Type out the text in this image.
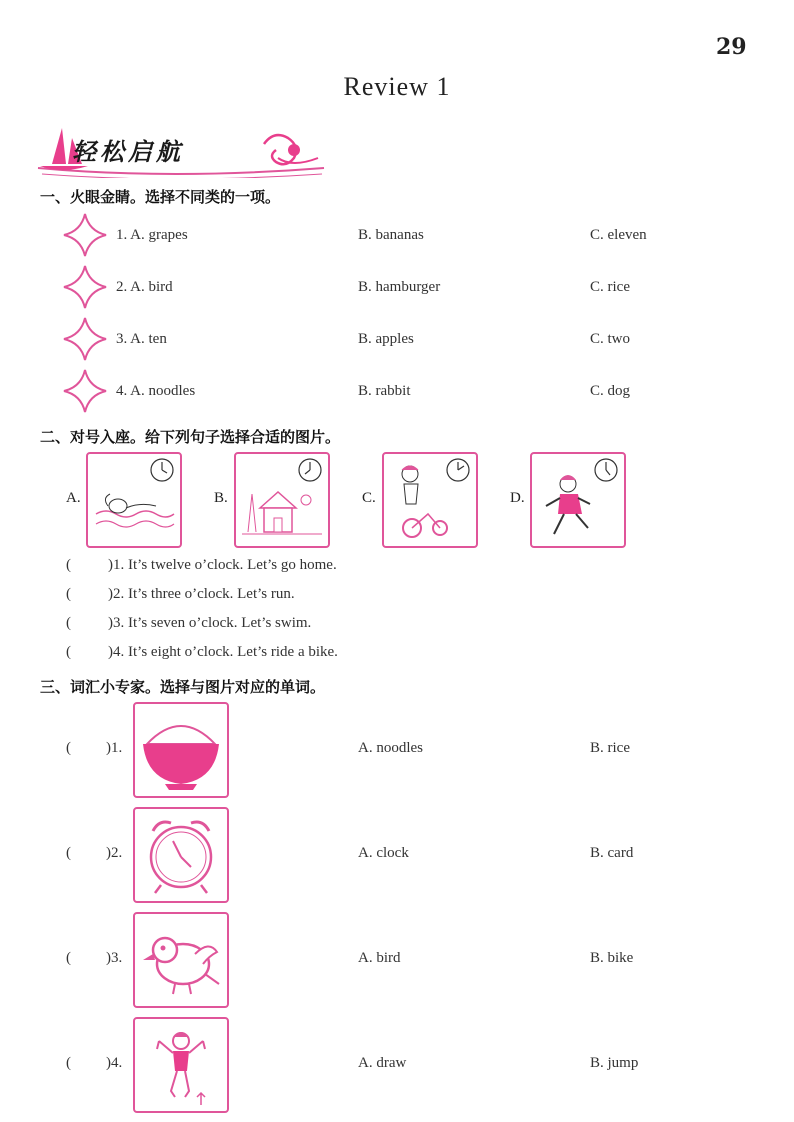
29
Review 1
轻松启航
一、火眼金睛。选择不同类的一项。
1. A. grapes	B. bananas	C. eleven
2. A. bird	B. hamburger	C. rice
3. A. ten	B. apples	C. two
4. A. noodles	B. rabbit	C. dog
二、对号入座。给下列句子选择合适的图片。
A.	B.	C.	D.
( )1. It’s twelve o’clock. Let’s go home.
( )2. It’s three o’clock. Let’s run.
( )3. It’s seven o’clock. Let’s swim.
( )4. It’s eight o’clock. Let’s ride a bike.
三、词汇小专家。选择与图片对应的单词。
( )1.	A. noodles	B. rice
( )2.	A. clock	B. card
( )3.	A. bird	B. bike
( )4.	A. draw	B. jump
